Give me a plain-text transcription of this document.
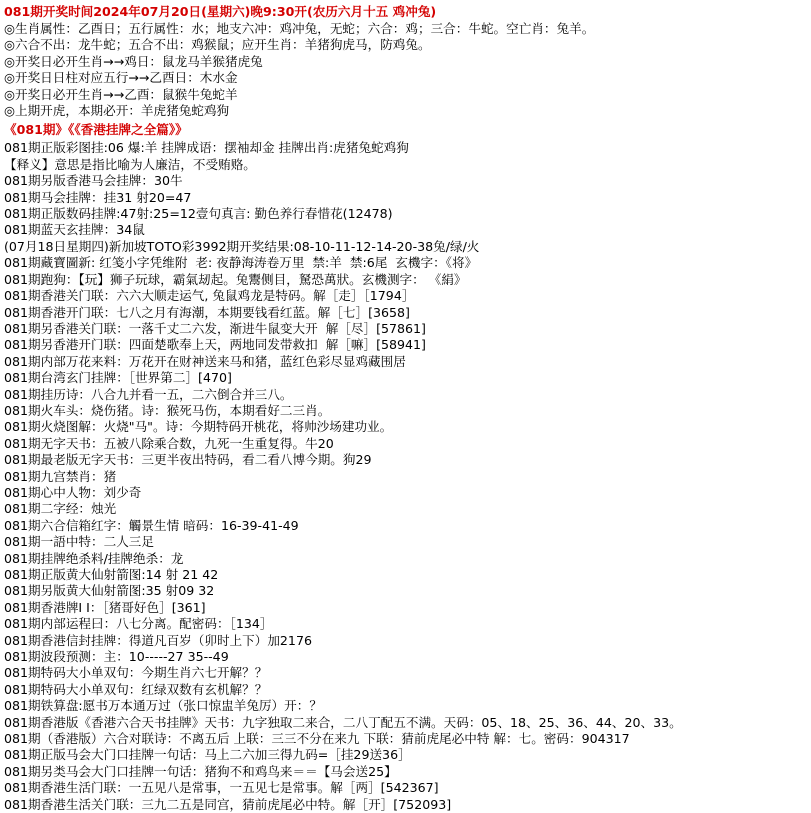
081期开奖时间2024年07月20日(星期六)晚9:30开(农历六月十五 鸡冲兔)
◎生肖属性：乙酉日；五行属性：水；地支六冲：鸡冲兔，无蛇；六合：鸡；三合：牛蛇。空亡肖：兔羊。
◎六合不出：龙牛蛇；五合不出：鸡猴鼠；应开生肖：羊猪狗虎马，防鸡兔。
◎开奖日必开生肖→→鸡日：鼠龙马羊猴猪虎兔
◎开奖日日柱对应五行→→乙酉日：木水金
◎开奖日必开生肖→→乙酉：鼠猴牛兔蛇羊
◎上期开虎，本期必开：羊虎猪兔蛇鸡狗
《081期》《《香港挂牌之全篇》》
081期正版彩图挂:06 爆:羊 挂牌成语：摆袖却金 挂牌出肖:虎猪兔蛇鸡狗
【释义】意思是指比喻为人廉洁，不受贿赂。
081期另版香港马会挂牌：30牛
081期马会挂牌：挂31 射20=47
081期正版数码挂牌:47射:25=12壹句真言: 勤色养行春惜花(12478)
081期蓝天玄挂牌：34鼠
(07月18日星期四)新加坡TOTO彩3992期开奖结果:08-10-11-12-14-20-38兔/绿/火
081期藏寶圖新: 红笺小字凭维附  老: 夜静海涛卷万里  禁:羊  禁:6尾  玄機字：《将》
081期跑狗：【玩】狮子玩球，霸氣刼起。兔鬻侧目，駑恐萬狀。玄機测字： 《絹》
081期香港关门联：六六大顺走运气, 兔鼠鸡龙是特码。解［走］［1794］
081期香港开门联：七八之月有海潮，本期要钱看红蓝。解［七］[3658]
081期另香港关门联：一落千丈二六发，渐进牛鼠变大开  解［尽］[57861]
081期另香港开门联：四面楚歌奉上天，两地同发带救扣  解［嘛］[58941]
081期内部万花来料：万花开在财神送来马和猪，蓝红色彩尽显鸡藏围居
081期台湾玄门挂牌：［世界第二］[470]
081期挂历诗：八合九并看一五，二六倒合并三八。
081期火车头：烧伤猪。诗：猴死马伤，本期看好二三肖。
081期火烧图解：火烧"马"。诗：今期特码开桃花，将帅沙场建功业。
081期无字天书：五被八除乘合数，九死一生重复得。牛20
081期最老版无字天书：三更半夜出特码，看二看八博今期。狗29
081期九宫禁肖：猪
081期心中人物：刘少奇
081期二字经：烛光
081期六合信箱红字：觸景生情 暗码：16-39-41-49
081期一語中特：二人三足
081期挂牌绝杀料/挂牌绝杀：龙
081期正版黄大仙射箭图:14 射 21 42
081期另版黄大仙射箭图:35 射09 32
081期香港牌Ⅰ Ⅰ：［猪哥好色］[361]
081期内部运程曰：八七分离。配密码：［134］
081期香港信封挂牌：得道凡百岁（卯时上下）加2176
081期波段预测：主：10-----27 35--49
081期特码大小单双句：今期生肖六七开解？？
081期特码大小单双句：红绿双数有玄机解？？
081期铁算盘:愿书万本通万过（张口惊盅羊兔厉）开：？
081期香港版《香港六合天书挂牌》天书：九字独取二来合，二八丁配五不满。天码：05、18、25、36、44、20、33。
081期（香港版）六合对联诗：不离五后 上联：三三不分在来九 下联：猜前虎尾必中特 解：七。密码：904317
081期正版马会大门口挂牌一句话：马上二六加三得九码=［挂29送36］
081期另类马会大门口挂牌一句话：猪狗不和鸡鸟来＝＝【马会送25】
081期香港生活门联：一五见八是常事，一五见七是常事。解［两］[542367]
081期香港生活关门联：三九二五是同宫，猜前虎尾必中特。解［开］[752093]
